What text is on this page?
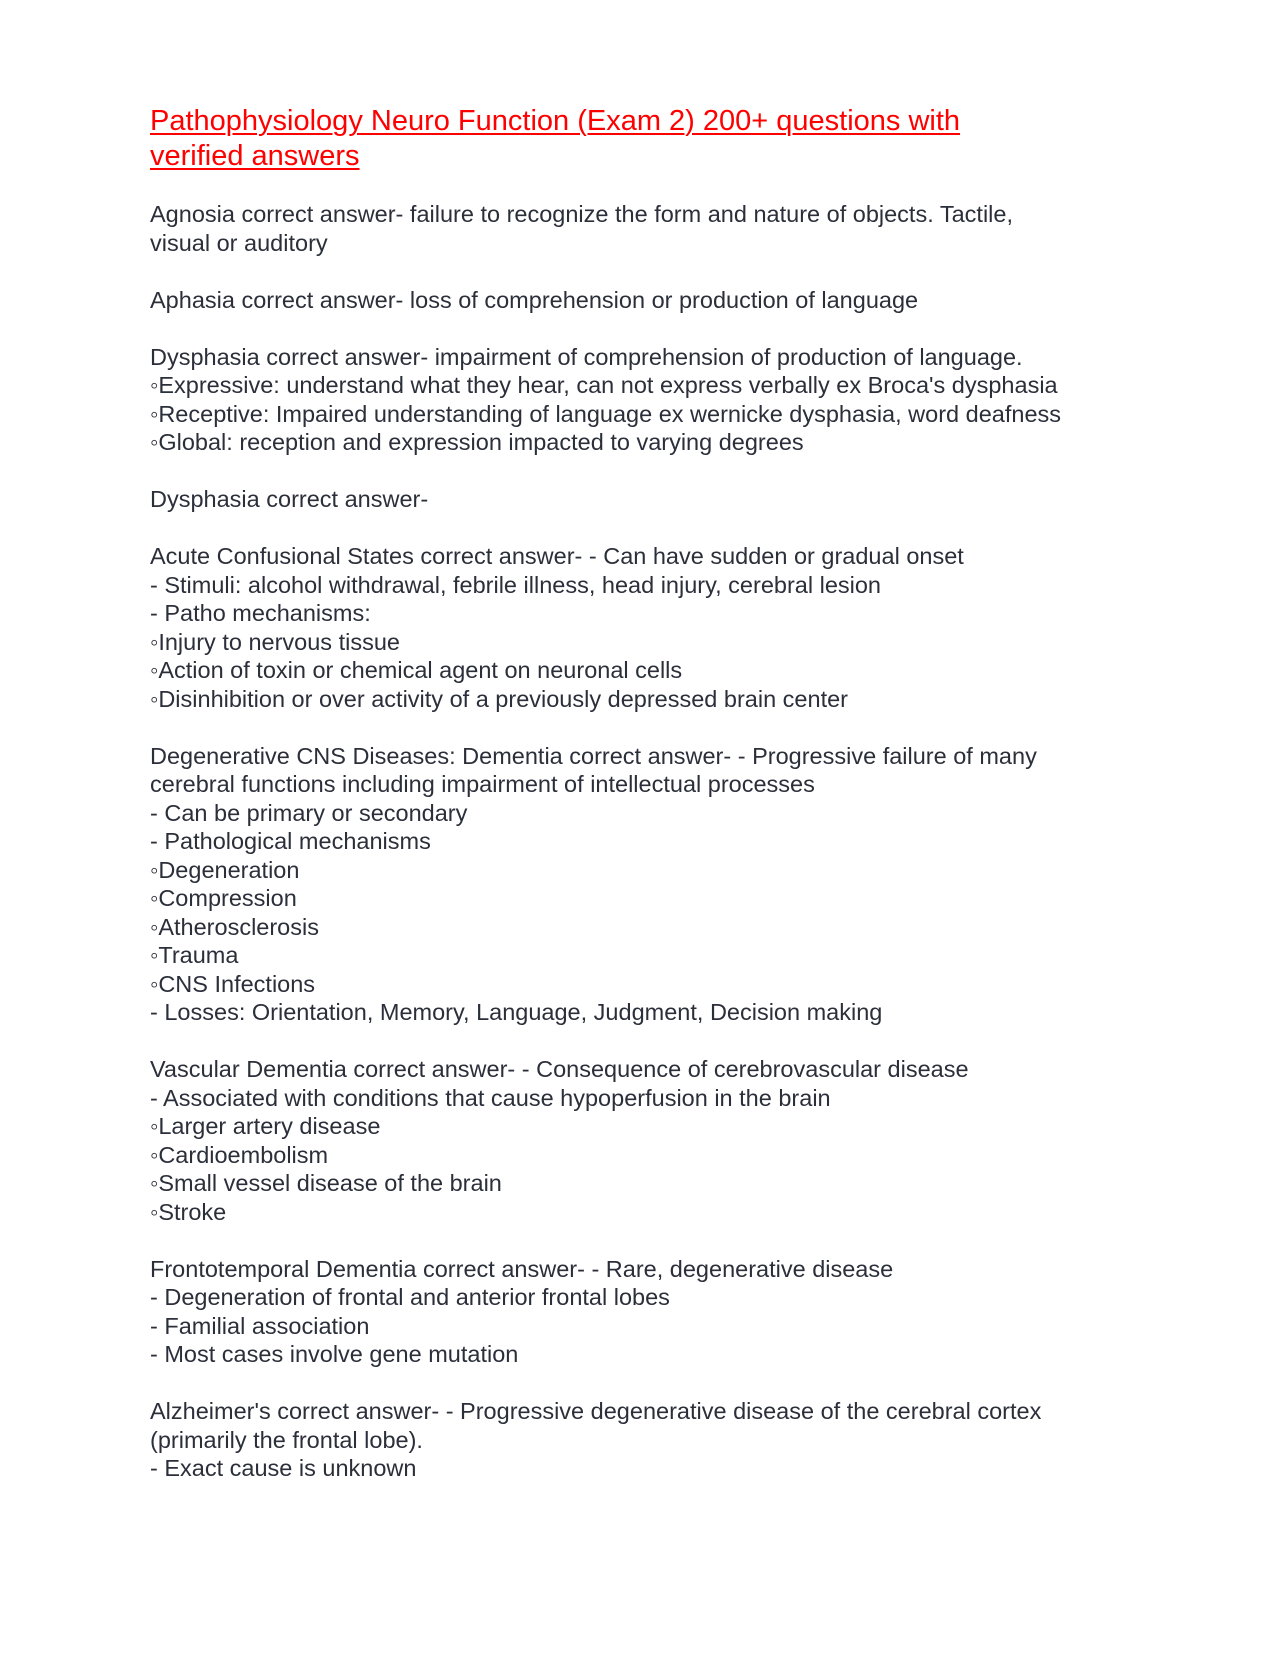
Pathophysiology Neuro Function (Exam 2) 200+ questions with
verified answers
Agnosia correct answer- failure to recognize the form and nature of objects. Tactile,
visual or auditory
Aphasia correct answer- loss of comprehension or production of language
Dysphasia correct answer- impairment of comprehension of production of language.
◦Expressive: understand what they hear, can not express verbally ex Broca's dysphasia
◦Receptive: Impaired understanding of language ex wernicke dysphasia, word deafness
◦Global: reception and expression impacted to varying degrees
Dysphasia correct answer-
Acute Confusional States correct answer- - Can have sudden or gradual onset
- Stimuli: alcohol withdrawal, febrile illness, head injury, cerebral lesion
- Patho mechanisms:
◦Injury to nervous tissue
◦Action of toxin or chemical agent on neuronal cells
◦Disinhibition or over activity of a previously depressed brain center
Degenerative CNS Diseases: Dementia correct answer- - Progressive failure of many
cerebral functions including impairment of intellectual processes
- Can be primary or secondary
- Pathological mechanisms
◦Degeneration
◦Compression
◦Atherosclerosis
◦Trauma
◦CNS Infections
- Losses: Orientation, Memory, Language, Judgment, Decision making
Vascular Dementia correct answer- - Consequence of cerebrovascular disease
- Associated with conditions that cause hypoperfusion in the brain
◦Larger artery disease
◦Cardioembolism
◦Small vessel disease of the brain
◦Stroke
Frontotemporal Dementia correct answer- - Rare, degenerative disease
- Degeneration of frontal and anterior frontal lobes
- Familial association
- Most cases involve gene mutation
Alzheimer's correct answer- - Progressive degenerative disease of the cerebral cortex
(primarily the frontal lobe).
- Exact cause is unknown
